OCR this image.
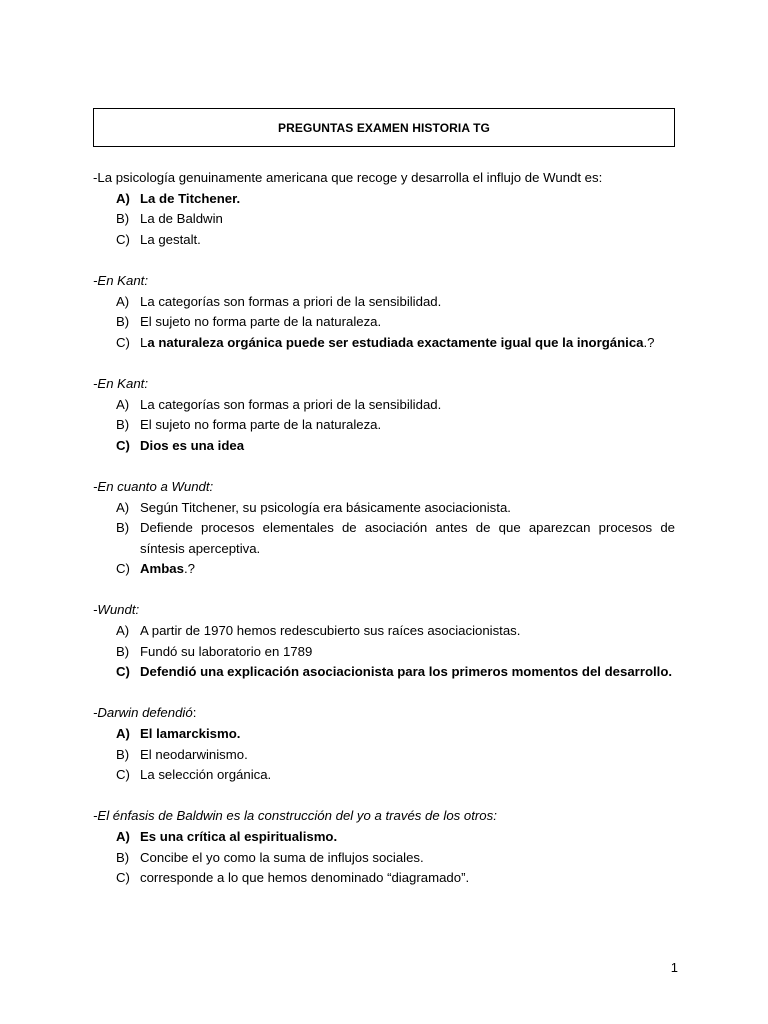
PREGUNTAS EXAMEN HISTORIA TG
-La psicología genuinamente americana que recoge y desarrolla el influjo de Wundt es:
A) La de Titchener.
B) La de Baldwin
C) La gestalt.
-En Kant:
A) La categorías son formas a priori de la sensibilidad.
B) El sujeto no forma parte de la naturaleza.
C) La naturaleza orgánica puede ser estudiada exactamente igual que la inorgánica.?
-En Kant:
A) La categorías son formas a priori de la sensibilidad.
B) El sujeto no forma parte de la naturaleza.
C) Dios es una idea
-En cuanto a Wundt:
A) Según Titchener, su psicología era básicamente asociacionista.
B) Defiende procesos elementales de asociación antes de que aparezcan procesos de síntesis aperceptiva.
C) Ambas.?
-Wundt:
A) A partir de 1970 hemos redescubierto sus raíces asociacionistas.
B) Fundó su laboratorio en 1789
C) Defendió una explicación asociacionista para los primeros momentos del desarrollo.
-Darwin defendió:
A) El lamarckismo.
B) El neodarwinismo.
C) La selección orgánica.
-El énfasis de Baldwin es la construcción del yo a través de los otros:
A) Es una crítica al espiritualismo.
B) Concibe el yo como la suma de influjos sociales.
C) corresponde a lo que hemos denominado “diagramado”.
1
